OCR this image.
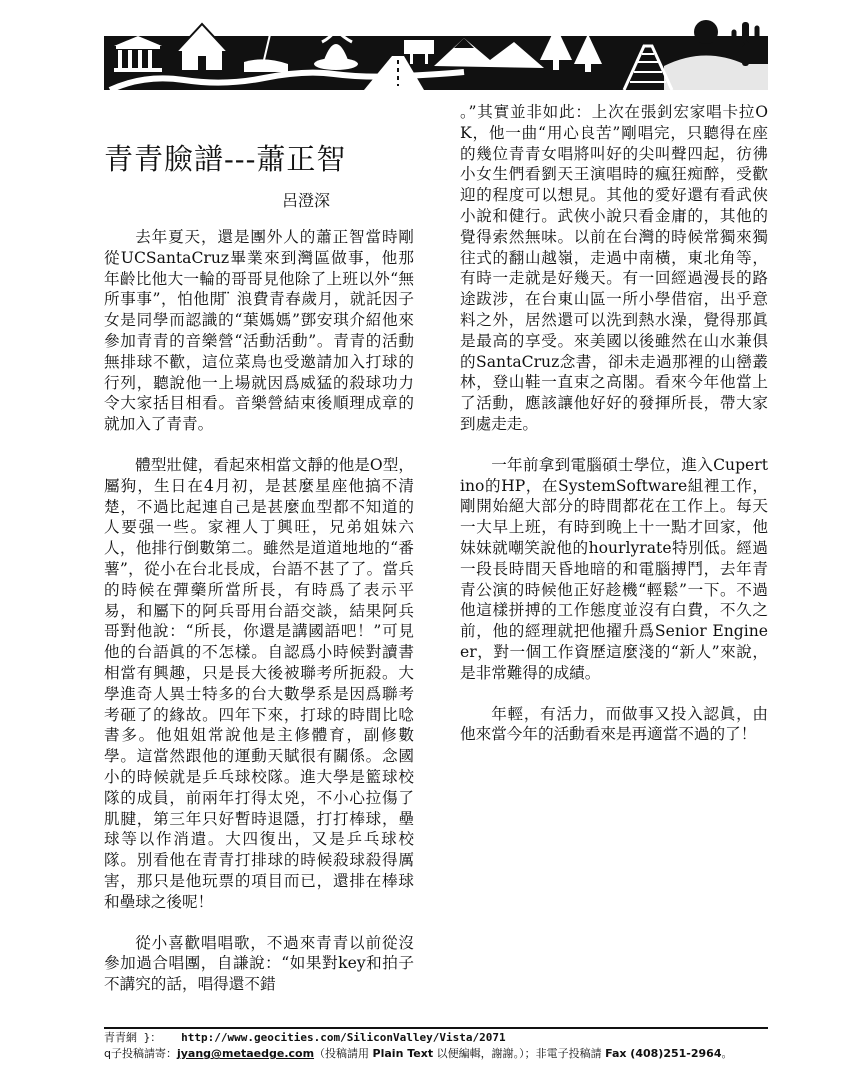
青青臉譜---蕭正智
呂澄深

去年夏天，還是團外人的蕭正智當時剛從UCSantaCruz畢業來到灣區做事，他那年齡比他大一輪的哥哥見他除了上班以外“無所事事”，怕他閒 ̈ 浪費青春歲月，就託因子女是同學而認識的“葉媽媽”鄧安琪介紹他來參加青青的音樂營“活動活動”。青青的活動無排球不歡，這位菜鳥也受邀請加入打球的行列，聽說他一上場就因爲威猛的殺球功力令大家括目相看。音樂營結束後順理成章的就加入了青青。

體型壯健，看起來相當文靜的他是O型，屬狗，生日在4月初，是甚麼星座他搞不清楚，不過比起連自己是甚麼血型都不知道的人要强一些。家裡人丁興旺，兄弟姐妹六人，他排行倒數第二。雖然是道道地地的“番薯”，從小在台北長成，台語不甚了了。當兵的時候在彈藥所當所長，有時爲了表示平易，和屬下的阿兵哥用台語交談，結果阿兵哥對他說：“所長，你還是講國語吧！”可見他的台語眞的不怎樣。自認爲小時候對讀書相當有興趣，只是長大後被聯考所扼殺。大學進奇人異士特多的台大數學系是因爲聯考考砸了的緣故。四年下來，打球的時間比唸書多。他姐姐常說他是主修體育，副修數學。這當然跟他的運動天賦很有關係。念國小的時候就是乒乓球校隊。進大學是籃球校隊的成員，前兩年打得太兇，不小心拉傷了肌腱，第三年只好暫時退隱，打打棒球，壘球等以作消遣。大四復出，又是乒乓球校隊。別看他在青青打排球的時候殺球殺得厲害，那只是他玩票的項目而已，還排在棒球和壘球之後呢！

從小喜歡唱唱歌，不過來青青以前從沒參加過合唱團，自謙說：“如果對key和拍子不講究的話，唱得還不錯

。”其實並非如此：上次在張釗宏家唱卡拉OK，他一曲“用心良苦”剛唱完，只聽得在座的幾位青青女唱將叫好的尖叫聲四起，彷彿小女生們看劉天王演唱時的瘋狂痴醉，受歡迎的程度可以想見。其他的愛好還有看武俠小說和健行。武俠小說只看金庸的，其他的覺得索然無味。以前在台灣的時候常獨來獨往式的翻山越嶺，走過中南橫，東北角等，有時一走就是好幾天。有一回經過漫長的路途跋涉，在台東山區一所小學借宿，出乎意料之外，居然還可以洗到熱水澡，覺得那眞是最高的享受。來美國以後雖然在山水兼俱的SantaCruz念書，卻未走過那裡的山巒叢林，登山鞋一直束之高閣。看來今年他當上了活動，應該讓他好好的發揮所長，帶大家到處走走。

一年前拿到電腦碩士學位，進入Cupertino的HP，在SystemSoftware組裡工作，剛開始絕大部分的時間都花在工作上。每天一大早上班，有時到晚上十一點才回家，他妹妹就嘲笑說他的hourlyrate特別低。經過一段長時間天昏地暗的和電腦搏鬥，去年青青公演的時候他正好趁機“輕鬆”一下。不過他這樣拼搏的工作態度並沒有白費，不久之前，他的經理就把他擢升爲Senior Engineer，對一個工作資歷這麼淺的“新人”來說，是非常難得的成績。

年輕，有活力，而做事又投入認眞，由他來當今年的活動看來是再適當不過的了！

青青網 }： http://www.geocities.com/SiliconValley/Vista/2071
q子投稿請寄：jyang@metaedge.com（投稿請用 Plain Text 以便編輯，謝謝。）；非電子投稿請 Fax (408)251-2964。
